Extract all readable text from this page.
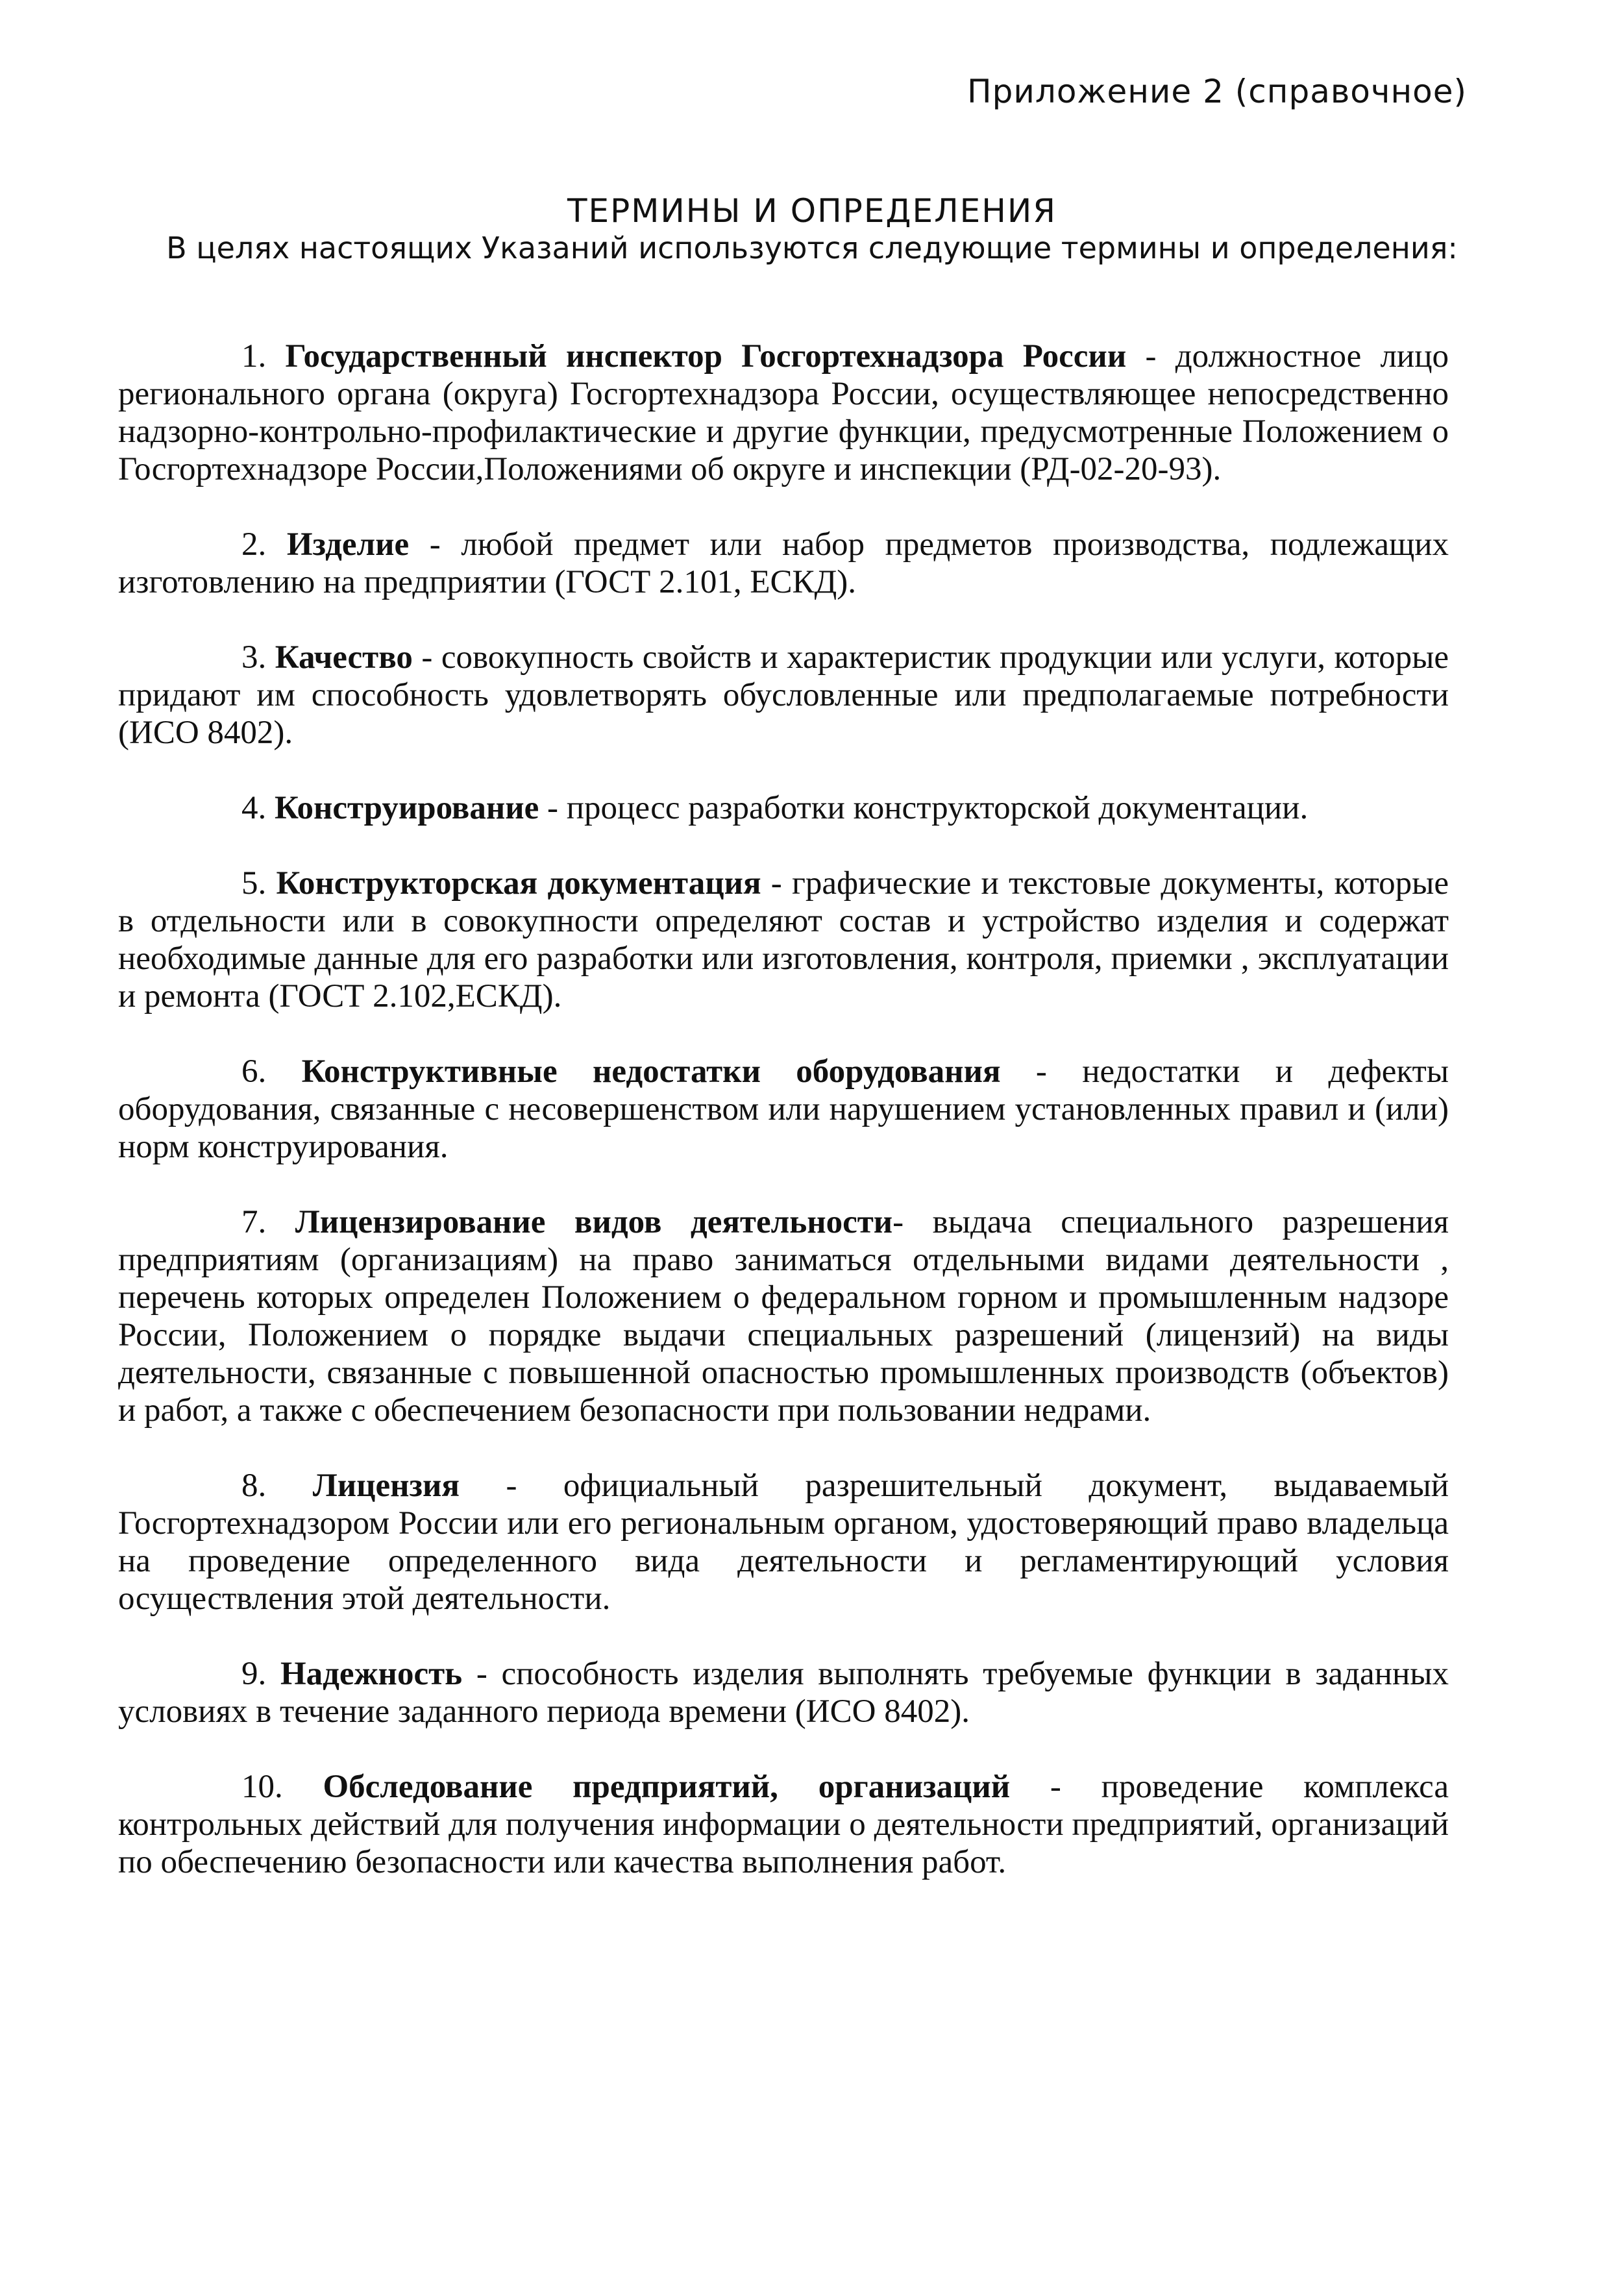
Приложение 2 (справочное)
ТЕРМИНЫ И ОПРЕДЕЛЕНИЯ
В целях настоящих Указаний используются следующие термины и определения:

1. Государственный инспектор Госгортехнадзора России - должностное лицо регионального органа (округа) Госгортехнадзора России, осуществляющее непосредственно надзорно-контрольно-профилактические и другие функции, предусмотренные Положением о Госгортехнадзоре России,Положениями об округе и инспекции (РД-02-20-93).

2. Изделие - любой предмет или набор предметов производства, подлежащих изготовлению на предприятии (ГОСТ 2.101, ЕСКД).

3. Качество - совокупность свойств и характеристик продукции или услуги, которые придают им способность удовлетворять обусловленные или предполагаемые потребности (ИСО 8402).

4. Конструирование - процесс разработки конструкторской документации.

5. Конструкторская документация - графические и текстовые документы, которые в отдельности или в совокупности определяют состав и устройство изделия и содержат необходимые данные для его разработки или изготовления, контроля, приемки , эксплуатации и ремонта (ГОСТ 2.102,ЕСКД).

6. Конструктивные недостатки оборудования - недостатки и дефекты оборудования, связанные с несовершенством или нарушением установленных правил и (или) норм конструирования.

7. Лицензирование видов деятельности- выдача специального разрешения предприятиям (организациям) на право заниматься отдельными видами деятельности , перечень которых определен Положением о федеральном горном и промышленным надзоре России, Положением о порядке выдачи специальных разрешений (лицензий) на виды деятельности, связанные с повышенной опасностью промышленных производств (объектов) и работ, а также с обеспечением безопасности при пользовании недрами.

8. Лицензия - официальный разрешительный документ, выдаваемый Госгортехнадзором России или его региональным органом, удостоверяющий право владельца на проведение определенного вида деятельности и регламентирующий условия осуществления этой деятельности.

9. Надежность - способность изделия выполнять требуемые функции в заданных условиях в течение заданного периода времени (ИСО 8402).

10. Обследование предприятий, организаций - проведение комплекса контрольных действий для получения информации о деятельности предприятий, организаций по обеспечению безопасности или качества выполнения работ.
